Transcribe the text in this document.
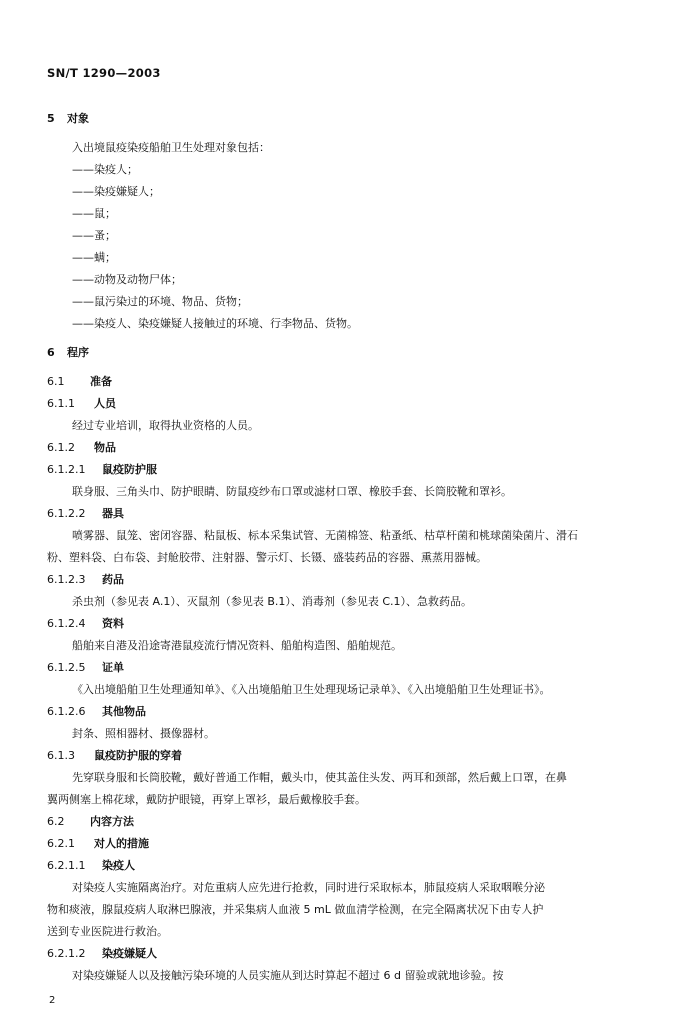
SN/T 1290—2003
5 对象
入出境鼠疫染疫船舶卫生处理对象包括：
——染疫人；
——染疫嫌疑人；
——鼠；
——蚤；
——螨；
——动物及动物尸体；
——鼠污染过的环境、物品、货物；
——染疫人、染疫嫌疑人接触过的环境、行李物品、货物。
6 程序
6.1 准备
6.1.1 人员
经过专业培训，取得执业资格的人员。
6.1.2 物品
6.1.2.1 鼠疫防护服
联身服、三角头巾、防护眼睛、防鼠疫纱布口罩或滤材口罩、橡胶手套、长筒胶靴和罩衫。
6.1.2.2 器具
喷雾器、鼠笼、密闭容器、粘鼠板、标本采集试管、无菌棉签、粘蚤纸、枯草杆菌和桃球菌染菌片、滑石
粉、塑料袋、白布袋、封舱胶带、注射器、警示灯、长镊、盛装药品的容器、熏蒸用器械。
6.1.2.3 药品
杀虫剂（参见表 A.1）、灭鼠剂（参见表 B.1）、消毒剂（参见表 C.1）、急救药品。
6.1.2.4 资料
船舶来自港及沿途寄港鼠疫流行情况资料、船舶构造图、船舶规范。
6.1.2.5 证单
《入出境船舶卫生处理通知单》、《入出境船舶卫生处理现场记录单》、《入出境船舶卫生处理证书》。
6.1.2.6 其他物品
封条、照相器材、摄像器材。
6.1.3 鼠疫防护服的穿着
先穿联身服和长筒胶靴，戴好普通工作帽，戴头巾，使其盖住头发、两耳和颈部，然后戴上口罩，在鼻
翼两侧塞上棉花球，戴防护眼镜，再穿上罩衫，最后戴橡胶手套。
6.2 内容方法
6.2.1 对人的措施
6.2.1.1 染疫人
对染疫人实施隔离治疗。对危重病人应先进行抢救，同时进行采取标本，肺鼠疫病人采取咽喉分泌
物和痰液，腺鼠疫病人取淋巴腺液，并采集病人血液 5 mL 做血清学检测，在完全隔离状况下由专人护
送到专业医院进行救治。
6.2.1.2 染疫嫌疑人
对染疫嫌疑人以及接触污染环境的人员实施从到达时算起不超过 6 d 留验或就地诊验。按
2
